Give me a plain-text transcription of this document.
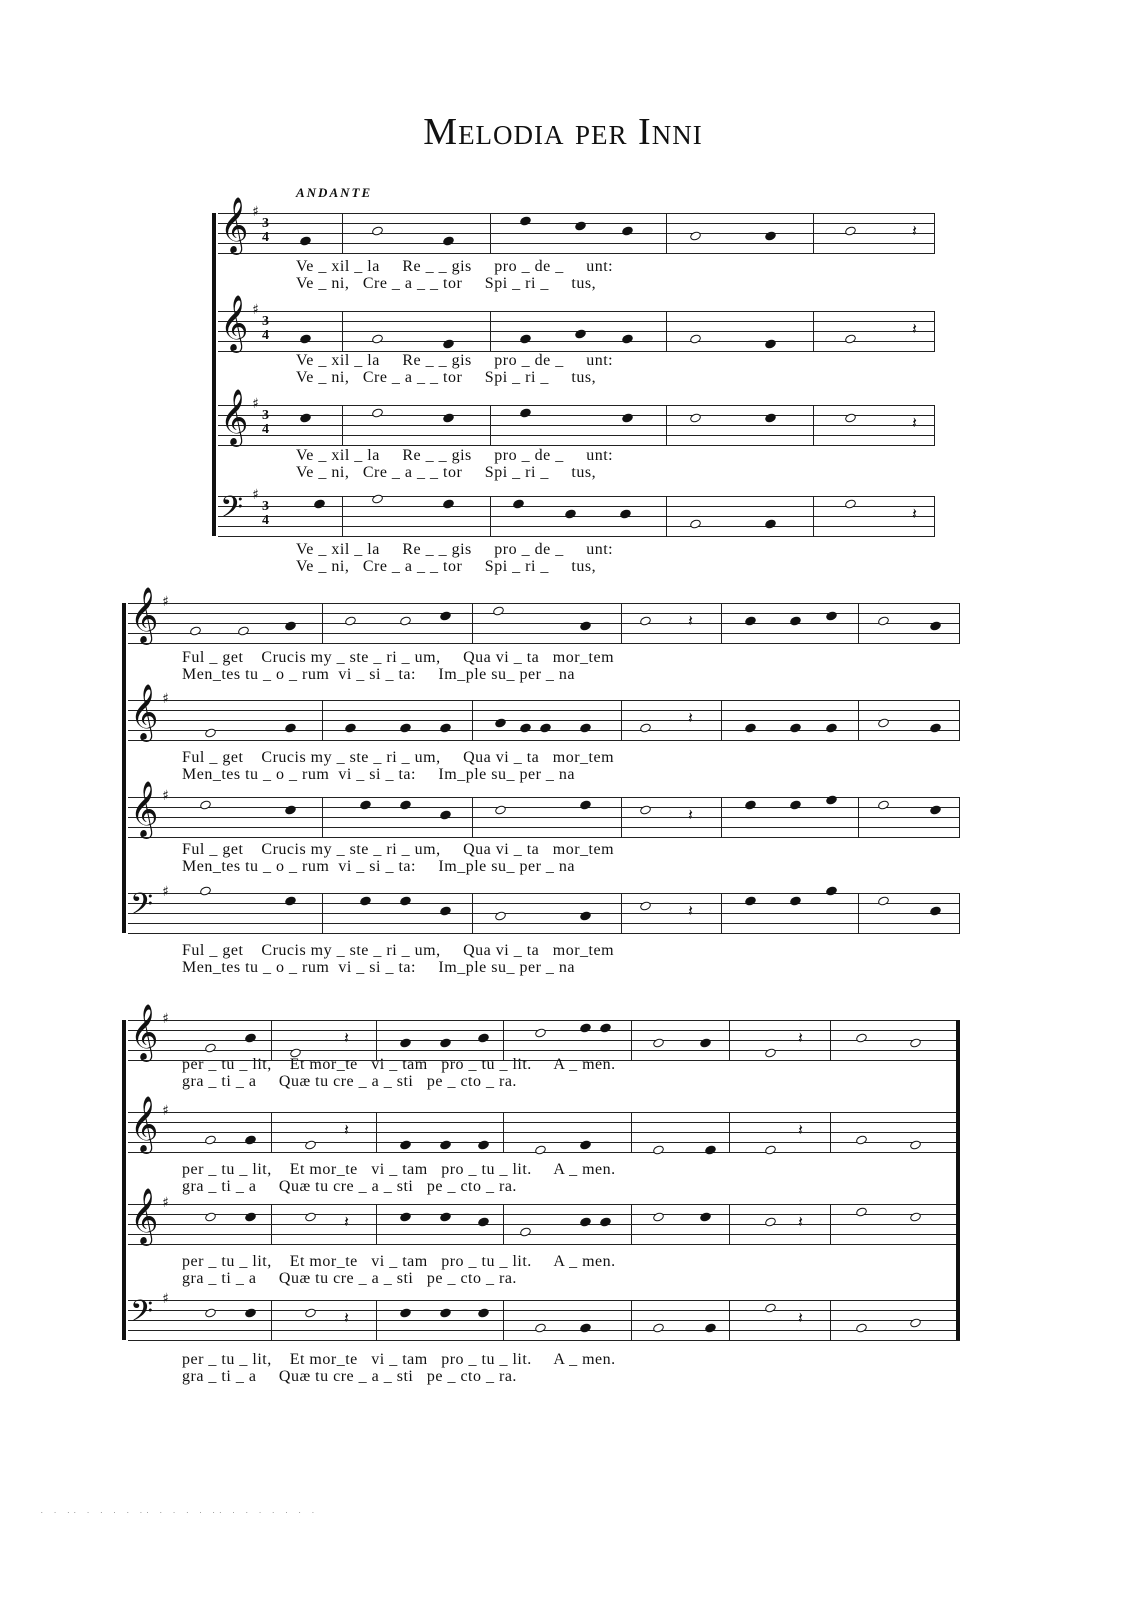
Melodia per Inni
ANDANTE
𝄞 ♯
3
4
Ve _ xil _ la     Re _ _ gis     pro _ de _     unt:
Ve _ ni,   Cre _ a _ _ tor     Spi _ ri _     tus,
𝄞 ♯
3
4
Ve _ xil _ la     Re _ _ gis     pro _ de _     unt:
Ve _ ni,   Cre _ a _ _ tor     Spi _ ri _     tus,
𝄞 ♯
3
4
Ve _ xil _ la     Re _ _ gis     pro _ de _     unt:
Ve _ ni,   Cre _ a _ _ tor     Spi _ ri _     tus,
𝄢 ♯
3
4
Ve _ xil _ la     Re _ _ gis     pro _ de _     unt:
Ve _ ni,   Cre _ a _ _ tor     Spi _ ri _     tus,
𝄞 ♯
Ful _ get    Crucis my _ ste _ ri _ um,     Qua vi _ ta   mor_tem
Men_tes tu _ o _ rum  vi _ si _ ta:     Im_ple su_ per _ na
𝄞 ♯
Ful _ get    Crucis my _ ste _ ri _ um,     Qua vi _ ta   mor_tem
Men_tes tu _ o _ rum  vi _ si _ ta:     Im_ple su_ per _ na
𝄞 ♯
Ful _ get    Crucis my _ ste _ ri _ um,     Qua vi _ ta   mor_tem
Men_tes tu _ o _ rum  vi _ si _ ta:     Im_ple su_ per _ na
𝄢 ♯
Ful _ get    Crucis my _ ste _ ri _ um,     Qua vi _ ta   mor_tem
Men_tes tu _ o _ rum  vi _ si _ ta:     Im_ple su_ per _ na
𝄞 ♯
per _ tu _ lit,    Et mor_te   vi _ tam   pro _ tu _ lit.     A _ men.
gra _ ti _ a     Quæ tu cre _ a _ sti   pe _ cto _ ra.
𝄞 ♯
per _ tu _ lit,    Et mor_te   vi _ tam   pro _ tu _ lit.     A _ men.
gra _ ti _ a     Quæ tu cre _ a _ sti   pe _ cto _ ra.
𝄞 ♯
per _ tu _ lit,    Et mor_te   vi _ tam   pro _ tu _ lit.     A _ men.
gra _ ti _ a     Quæ tu cre _ a _ sti   pe _ cto _ ra.
𝄢 ♯
per _ tu _ lit,    Et mor_te   vi _ tam   pro _ tu _ lit.     A _ men.
gra _ ti _ a     Quæ tu cre _ a _ sti   pe _ cto _ ra.
𝄽
𝄽
𝄽
𝄽
𝄽
𝄽
𝄽
𝄽
𝄽
𝄽
𝄽
𝄽
𝄽
𝄽
𝄽
𝄽
. . .. . . . . .. . . . . .. . . . . . . .
